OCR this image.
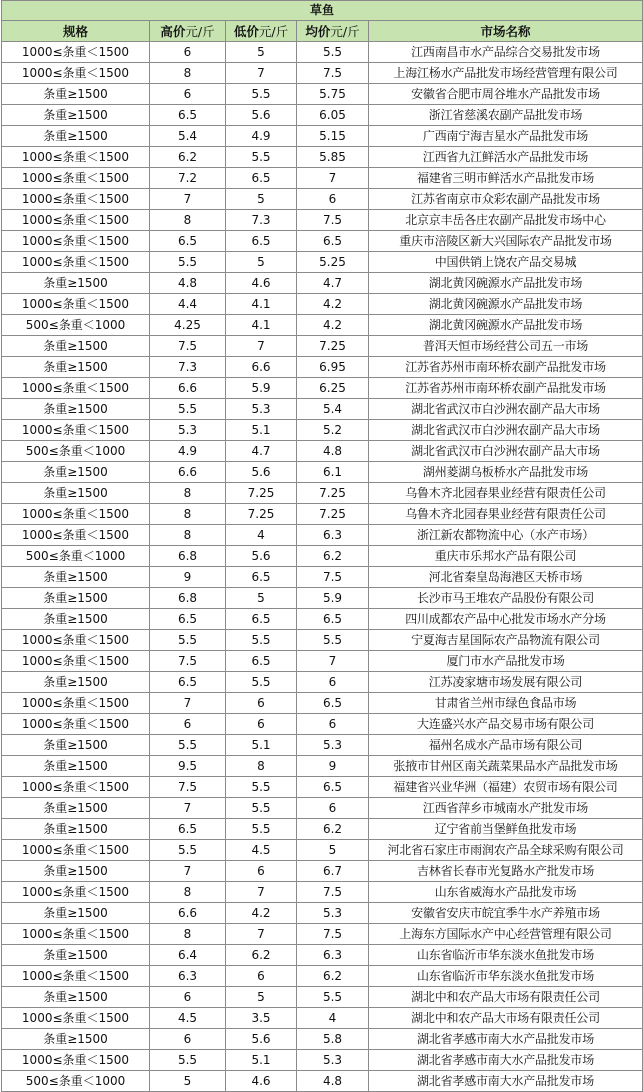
草鱼				
规格	高价元/斤	低价元/斤	均价元/斤	市场名称
1000≤条重＜1500	6	5	5.5	江西南昌市水产品综合交易批发市场
1000≤条重＜1500	8	7	7.5	上海江杨水产品批发市场经营管理有限公司
条重≥1500	6	5.5	5.75	安徽省合肥市周谷堆水产品批发市场
条重≥1500	6.5	5.6	6.05	浙江省慈溪农副产品批发市场
条重≥1500	5.4	4.9	5.15	广西南宁海吉星水产品批发市场
1000≤条重＜1500	6.2	5.5	5.85	江西省九江鲜活水产品批发市场
1000≤条重＜1500	7.2	6.5	7	福建省三明市鲜活水产品批发市场
1000≤条重＜1500	7	5	6	江苏省南京市众彩农副产品批发市场
1000≤条重＜1500	8	7.3	7.5	北京京丰岳各庄农副产品批发市场中心
1000≤条重＜1500	6.5	6.5	6.5	重庆市涪陵区新大兴国际农产品批发市场
1000≤条重＜1500	5.5	5	5.25	中国供销上饶农产品交易城
条重≥1500	4.8	4.6	4.7	湖北黄冈碗源水产品批发市场
1000≤条重＜1500	4.4	4.1	4.2	湖北黄冈碗源水产品批发市场
500≤条重＜1000	4.25	4.1	4.2	湖北黄冈碗源水产品批发市场
条重≥1500	7.5	7	7.25	普洱天恒市场经营公司五一市场
条重≥1500	7.3	6.6	6.95	江苏省苏州市南环桥农副产品批发市场
1000≤条重＜1500	6.6	5.9	6.25	江苏省苏州市南环桥农副产品批发市场
条重≥1500	5.5	5.3	5.4	湖北省武汉市白沙洲农副产品大市场
1000≤条重＜1500	5.3	5.1	5.2	湖北省武汉市白沙洲农副产品大市场
500≤条重＜1000	4.9	4.7	4.8	湖北省武汉市白沙洲农副产品大市场
条重≥1500	6.6	5.6	6.1	湖州菱湖乌板桥水产品批发市场
条重≥1500	8	7.25	7.25	乌鲁木齐北园春果业经营有限责任公司
1000≤条重＜1500	8	7.25	7.25	乌鲁木齐北园春果业经营有限责任公司
1000≤条重＜1500	8	4	6.3	浙江新农都物流中心（水产市场）
500≤条重＜1000	6.8	5.6	6.2	重庆市乐邦水产品有限公司
条重≥1500	9	6.5	7.5	河北省秦皇岛海港区天桥市场
条重≥1500	6.8	5	5.9	长沙市马王堆农产品股份有限公司
条重≥1500	6.5	6.5	6.5	四川成都农产品中心批发市场水产分场
1000≤条重＜1500	5.5	5.5	5.5	宁夏海吉星国际农产品物流有限公司
1000≤条重＜1500	7.5	6.5	7	厦门市水产品批发市场
条重≥1500	6.5	5.5	6	江苏凌家塘市场发展有限公司
1000≤条重＜1500	7	6	6.5	甘肃省兰州市绿色食品市场
1000≤条重＜1500	6	6	6	大连盛兴水产品交易市场有限公司
条重≥1500	5.5	5.1	5.3	福州名成水产品市场有限公司
条重≥1500	9.5	8	9	张掖市甘州区南关蔬菜果品水产品批发市场
1000≤条重＜1500	7.5	5.5	6.5	福建省兴业华洲（福建）农贸市场有限公司
条重≥1500	7	5.5	6	江西省萍乡市城南水产批发市场
条重≥1500	6.5	5.5	6.2	辽宁省前当堡鲜鱼批发市场
1000≤条重＜1500	5.5	4.5	5	河北省石家庄市雨润农产品全球采购有限公司
条重≥1500	7	6	6.7	吉林省长春市光复路水产批发市场
1000≤条重＜1500	8	7	7.5	山东省威海水产品批发市场
条重≥1500	6.6	4.2	5.3	安徽省安庆市皖宜季牛水产养殖市场
1000≤条重＜1500	8	7	7.5	上海东方国际水产中心经营管理有限公司
条重≥1500	6.4	6.2	6.3	山东省临沂市华东淡水鱼批发市场
1000≤条重＜1500	6.3	6	6.2	山东省临沂市华东淡水鱼批发市场
条重≥1500	6	5	5.5	湖北中和农产品大市场有限责任公司
1000≤条重＜1500	4.5	3.5	4	湖北中和农产品大市场有限责任公司
条重≥1500	6	5.6	5.8	湖北省孝感市南大水产品批发市场
1000≤条重＜1500	5.5	5.1	5.3	湖北省孝感市南大水产品批发市场
500≤条重＜1000	5	4.6	4.8	湖北省孝感市南大水产品批发市场
